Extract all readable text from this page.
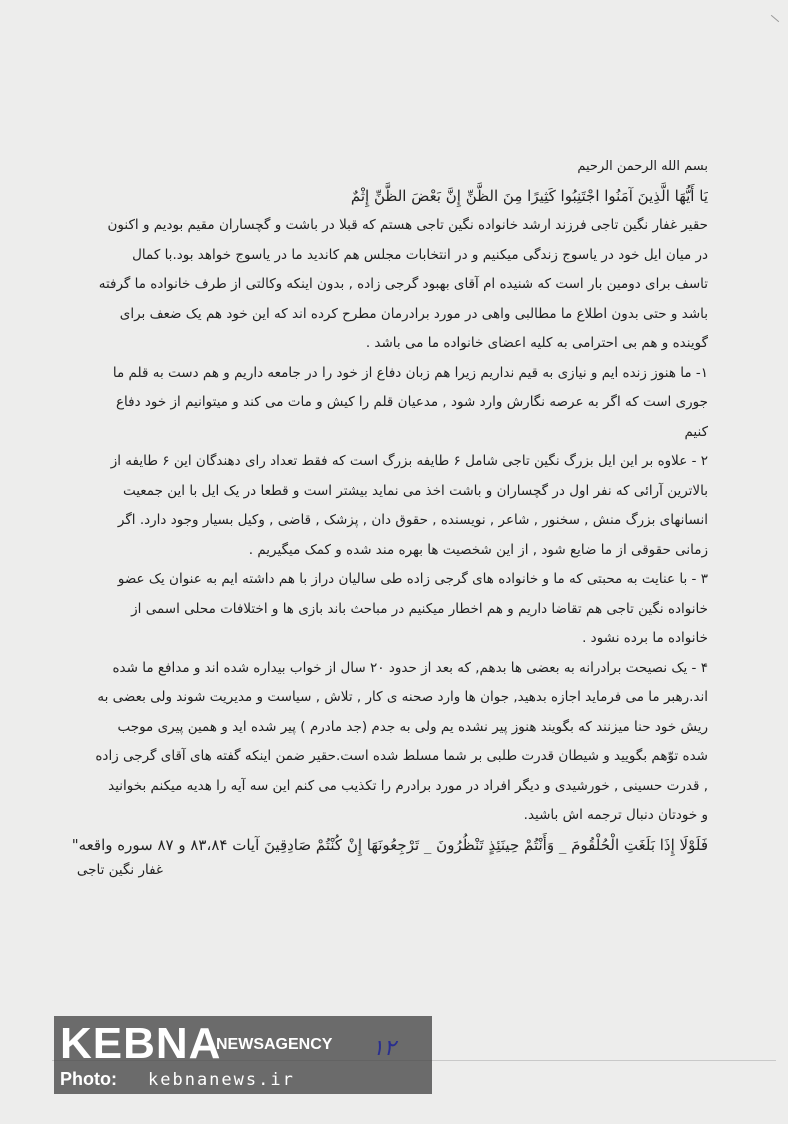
بسم الله الرحمن الرحیم
يَا أَيُّهَا الَّذِينَ آمَنُوا اجْتَنِبُوا كَثِيرًا مِنَ الظَّنِّ إِنَّ بَعْضَ الظَّنِّ إِثْمٌ
حقیر غفار نگین تاجی فرزند ارشد خانواده نگین تاجی هستم که قبلا در باشت و گچساران مقیم بودیم و اکنون
در میان ایل خود در یاسوج زندگی میکنیم و در انتخابات مجلس هم کاندید ما در یاسوج خواهد بود.با کمال
تاسف برای دومین بار است که شنیده ام آقای بهبود گرجی زاده , بدون اینکه وکالتی از طرف خانواده ما گرفته
باشد و حتی بدون اطلاع ما مطالبی واهی در مورد برادرمان مطرح کرده اند که این خود هم یک ضعف برای
گوینده و هم بی احترامی به کلیه اعضای خانواده ما می باشد .
۱- ما هنوز زنده ایم و نیازی به قیم نداریم زیرا هم زبان دفاع از خود را در جامعه داریم و هم دست به قلم ما
جوری است که اگر به عرصه نگارش وارد شود , مدعیان قلم را کیش و مات می کند و میتوانیم از خود دفاع
کنیم
۲ - علاوه بر این ایل بزرگ نگین تاجی شامل ۶ طایفه بزرگ است که فقط تعداد رای دهندگان این ۶ طایفه از
بالاترین آرائی که نفر اول در گچساران و باشت اخذ می نماید بیشتر است و قطعا در یک ایل با این جمعیت
انسانهای بزرگ منش , سخنور , شاعر , نویسنده , حقوق دان , پزشک , قاضی , وکیل بسیار وجود دارد. اگر
زمانی حقوقی از ما ضایع شود , از این شخصیت ها بهره مند شده و کمک میگیریم .
۳ - با عنایت به محبتی که ما و خانواده های گرجی زاده طی سالیان دراز با هم داشته ایم به عنوان یک عضو
خانواده نگین تاجی هم تقاضا داریم و هم اخطار میکنیم در مباحث باند بازی ها و اختلافات محلی اسمی از
خانواده ما برده نشود .
۴ - یک نصیحت برادرانه به بعضی ها بدهم, که بعد از حدود ۲۰ سال از خواب بیداره شده اند و مدافع ما شده
اند.رهبر ما می فرماید اجازه بدهید, جوان ها وارد صحنه ی کار , تلاش , سیاست و مدیریت شوند ولی بعضی به
ریش خود حنا میزنند که بگویند هنوز پیر نشده یم ولی به جدم (جد مادرم ) پیر شده اید و همین پیری موجب
شده توّهم بگویید و شیطان قدرت طلبی بر شما مسلط شده است.حقیر ضمن اینکه گفته های آقای گرجی زاده
, قدرت حسینی , خورشیدی و دیگر افراد در مورد برادرم را تکذیب می کنم این سه آیه را هدیه میکنم بخوانید
و خودتان دنبال ترجمه اش باشید.
فَلَوْلَا إِذَا بَلَغَتِ الْحُلْقُومَ _ وَأَنْتُمْ حِينَئِذٍ تَنْظُرُونَ _ تَرْجِعُونَهَا إِنْ كُنْتُمْ صَادِقِينَ آیات ۸۳،۸۴ و ۸۷ سوره واقعه"
غفار نگین تاجی
KEBNA
NEWSAGENCY
Photo: kebnanews.ir
۱۲
